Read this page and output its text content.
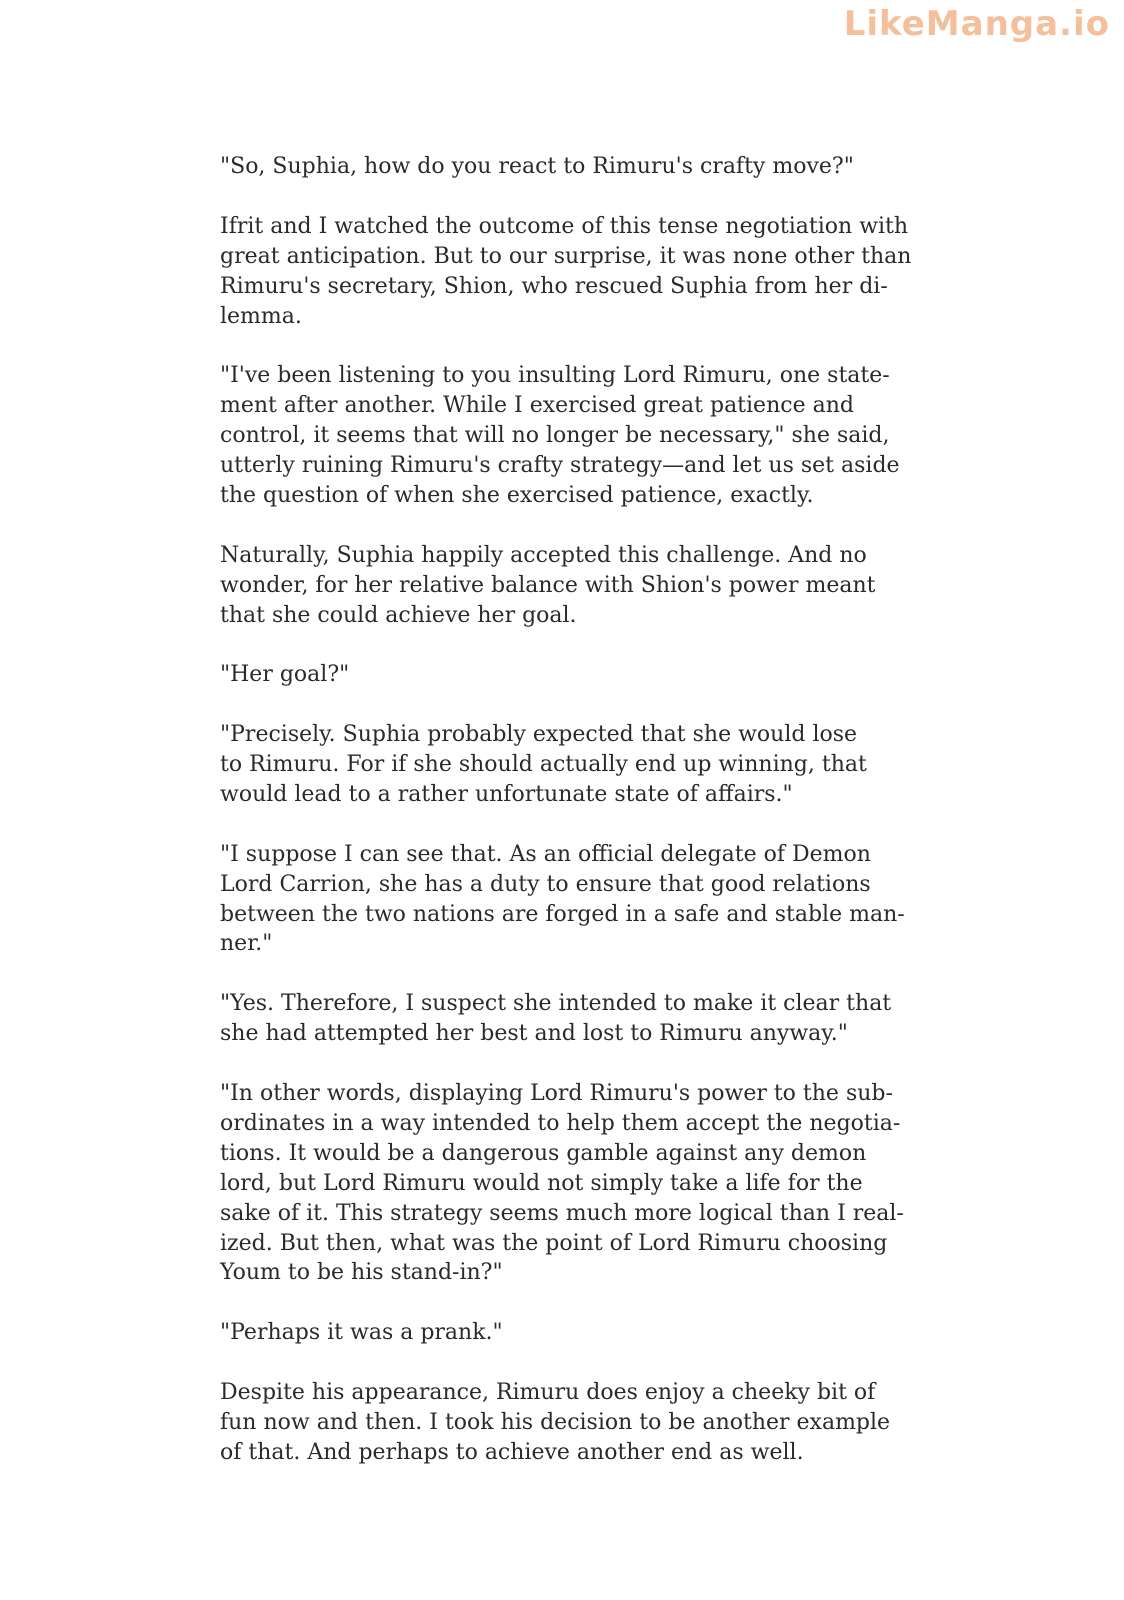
LikeManga.io
"So, Suphia, how do you react to Rimuru's crafty move?"
Ifrit and I watched the outcome of this tense negotiation with
great anticipation. But to our surprise, it was none other than
Rimuru's secretary, Shion, who rescued Suphia from her di-
lemma.
"I've been listening to you insulting Lord Rimuru, one state-
ment after another. While I exercised great patience and
control, it seems that will no longer be necessary," she said,
utterly ruining Rimuru's crafty strategy—and let us set aside
the question of when she exercised patience, exactly.
Naturally, Suphia happily accepted this challenge. And no
wonder, for her relative balance with Shion's power meant
that she could achieve her goal.
"Her goal?"
"Precisely. Suphia probably expected that she would lose
to Rimuru. For if she should actually end up winning, that
would lead to a rather unfortunate state of affairs."
"I suppose I can see that. As an official delegate of Demon
Lord Carrion, she has a duty to ensure that good relations
between the two nations are forged in a safe and stable man-
ner."
"Yes. Therefore, I suspect she intended to make it clear that
she had attempted her best and lost to Rimuru anyway."
"In other words, displaying Lord Rimuru's power to the sub-
ordinates in a way intended to help them accept the negotia-
tions. It would be a dangerous gamble against any demon
lord, but Lord Rimuru would not simply take a life for the
sake of it. This strategy seems much more logical than I real-
ized. But then, what was the point of Lord Rimuru choosing
Youm to be his stand-in?"
"Perhaps it was a prank."
Despite his appearance, Rimuru does enjoy a cheeky bit of
fun now and then. I took his decision to be another example
of that. And perhaps to achieve another end as well.
